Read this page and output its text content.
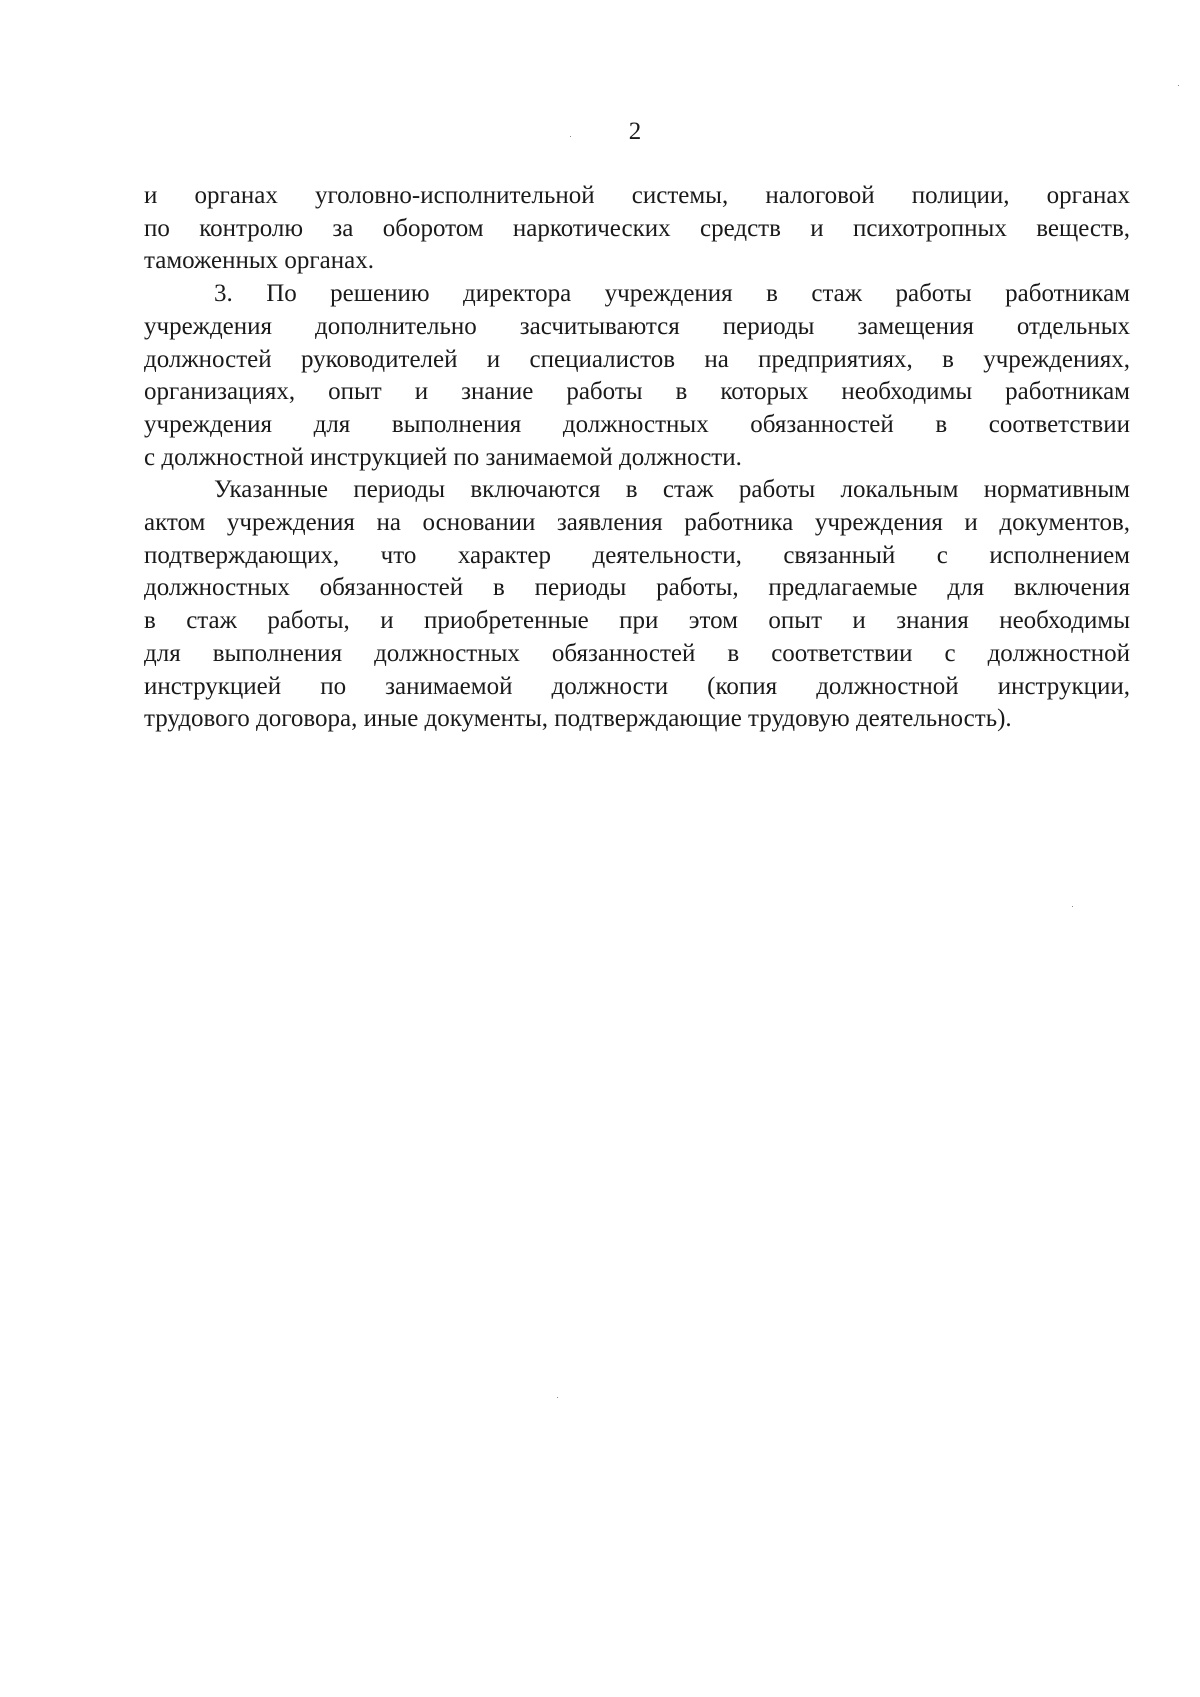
2

и органах уголовно-исполнительной системы, налоговой полиции, органах
по контролю за оборотом наркотических средств и психотропных веществ,
таможенных органах.

3. По решению директора учреждения в стаж работы работникам
учреждения дополнительно засчитываются периоды замещения отдельных
должностей руководителей и специалистов на предприятиях, в учреждениях,
организациях, опыт и знание работы в которых необходимы работникам
учреждения для выполнения должностных обязанностей в соответствии
с должностной инструкцией по занимаемой должности.

Указанные периоды включаются в стаж работы локальным нормативным
актом учреждения на основании заявления работника учреждения и документов,
подтверждающих, что характер деятельности, связанный с исполнением
должностных обязанностей в периоды работы, предлагаемые для включения
в стаж работы, и приобретенные при этом опыт и знания необходимы
для выполнения должностных обязанностей в соответствии с должностной
инструкцией по занимаемой должности (копия должностной инструкции,
трудового договора, иные документы, подтверждающие трудовую деятельность).
